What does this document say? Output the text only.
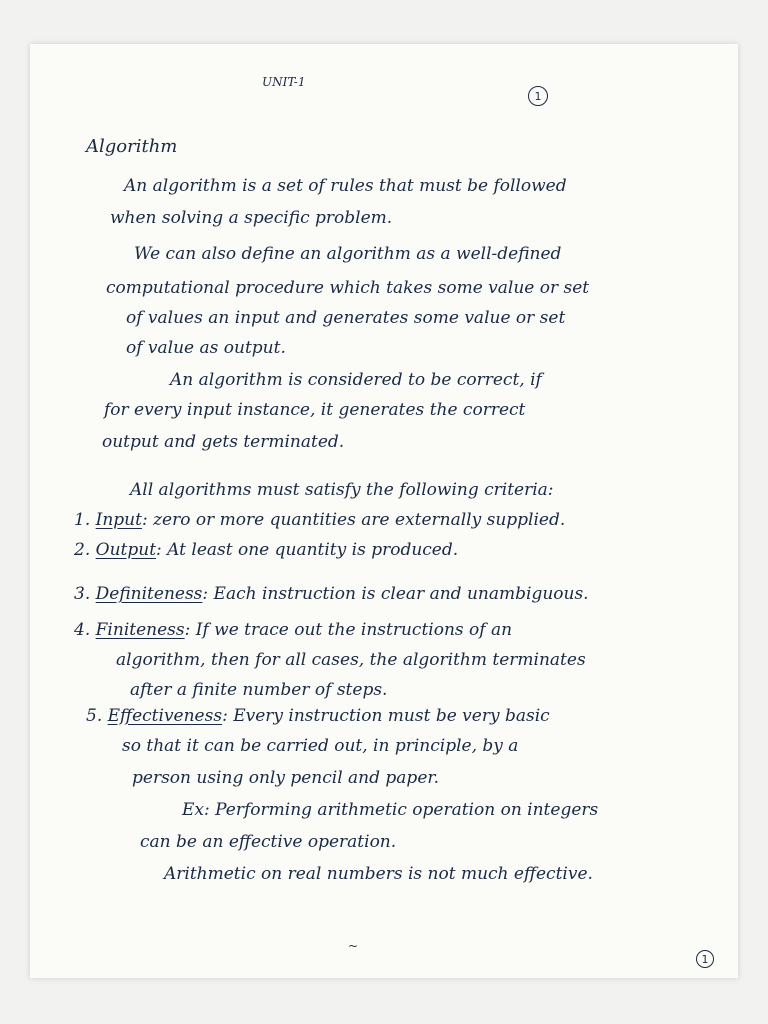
UNIT-1
1
Algorithm
An algorithm is a set of rules that must be followed
when solving a specific problem.
We can also define an algorithm as a well-defined
computational procedure which takes some value or set
of values an input and generates some value or set
of value as output.
An algorithm is considered to be correct, if
for every input instance, it generates the correct
output and gets terminated.
All algorithms must satisfy the following criteria:
1. Input: zero or more quantities are externally supplied.
2. Output: At least one quantity is produced.
3. Definiteness: Each instruction is clear and unambiguous.
4. Finiteness: If we trace out the instructions of an
algorithm, then for all cases, the algorithm terminates
after a finite number of steps.
5. Effectiveness: Every instruction must be very basic
so that it can be carried out, in principle, by a
person using only pencil and paper.
Ex: Performing arithmetic operation on integers
can be an effective operation.
Arithmetic on real numbers is not much effective.
~
1
